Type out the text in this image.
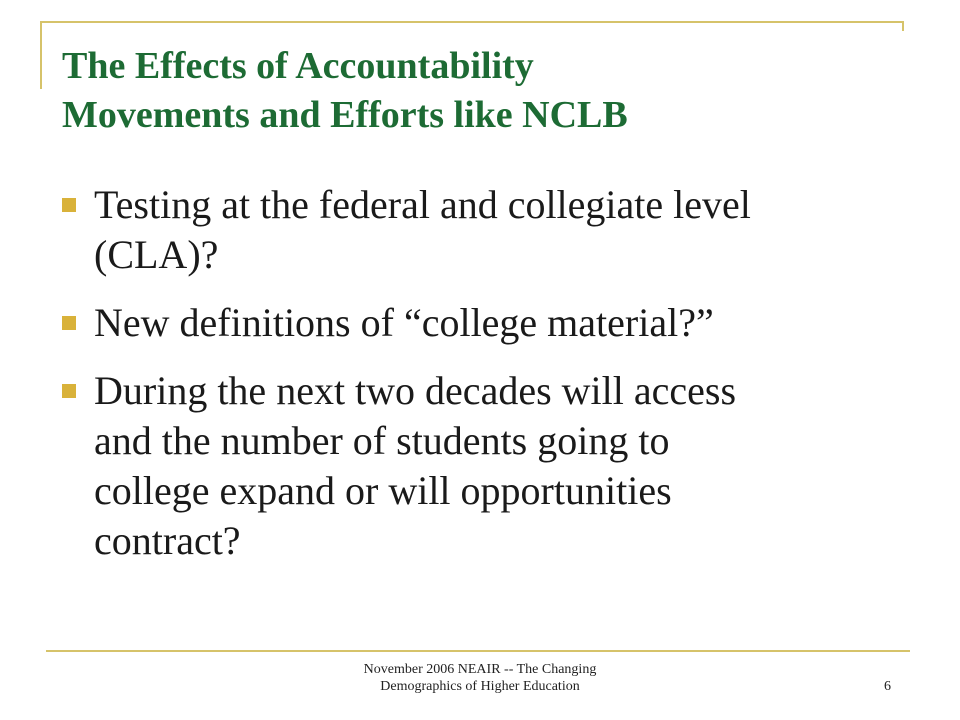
The Effects of Accountability
Movements and Efforts like NCLB
Testing at the federal and collegiate level
(CLA)?
New definitions of “college material?”
During the next two decades will access
and the number of students going to
college expand or will opportunities
contract?
November 2006 NEAIR -- The Changing
Demographics of Higher Education	6
